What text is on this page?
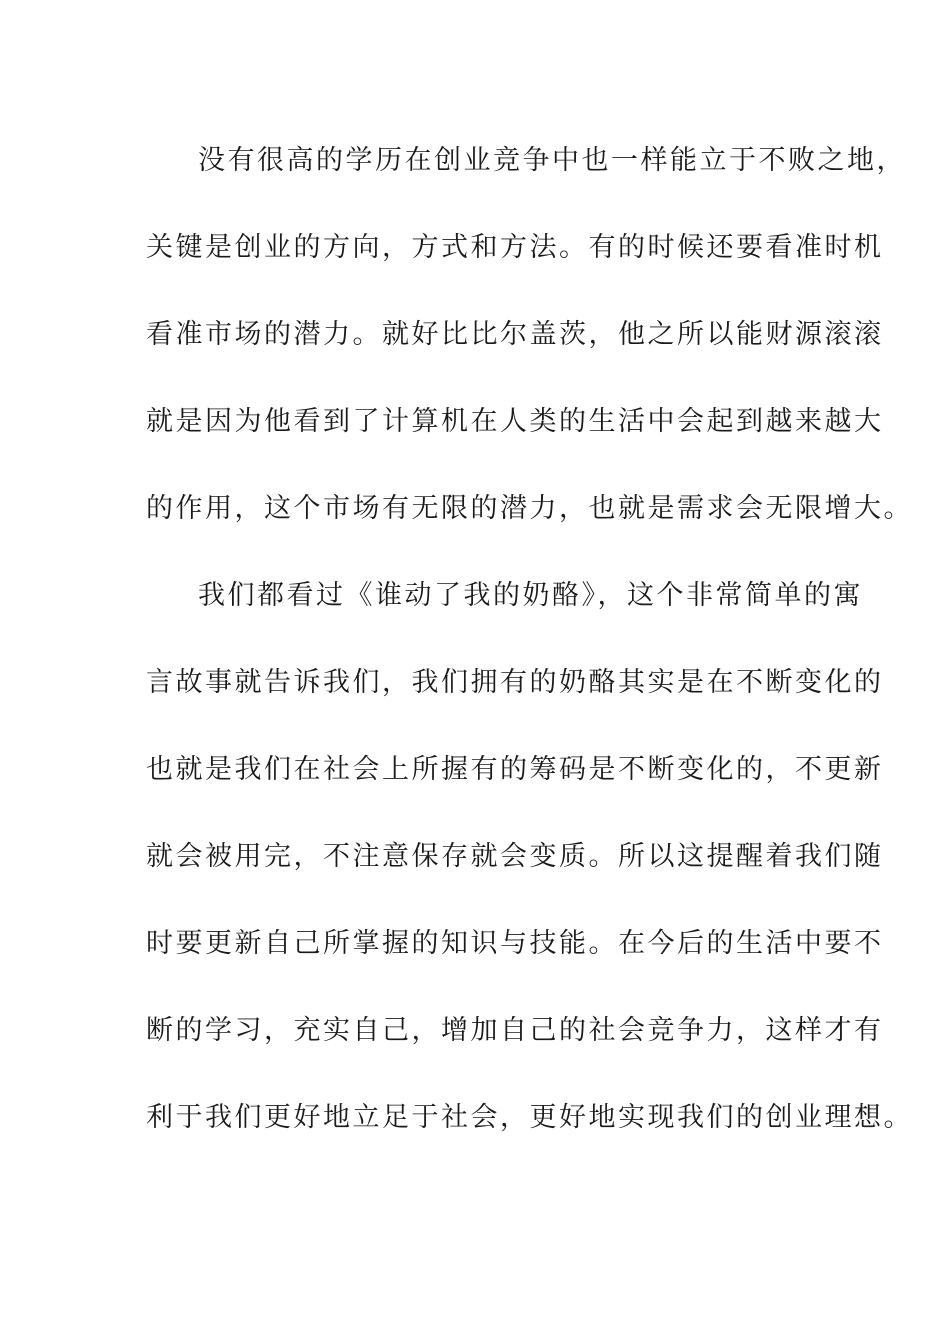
没有很高的学历在创业竞争中也一样能立于不败之地，
关键是创业的方向，方式和方法。有的时候还要看准时机
看准市场的潜力。就好比比尔盖茨，他之所以能财源滚滚
就是因为他看到了计算机在人类的生活中会起到越来越大
的作用，这个市场有无限的潜力，也就是需求会无限增大。
我们都看过《谁动了我的奶酪》，这个非常简单的寓
言故事就告诉我们，我们拥有的奶酪其实是在不断变化的
也就是我们在社会上所握有的筹码是不断变化的，不更新
就会被用完，不注意保存就会变质。所以这提醒着我们随
时要更新自己所掌握的知识与技能。在今后的生活中要不
断的学习，充实自己，增加自己的社会竞争力，这样才有
利于我们更好地立足于社会，更好地实现我们的创业理想。
